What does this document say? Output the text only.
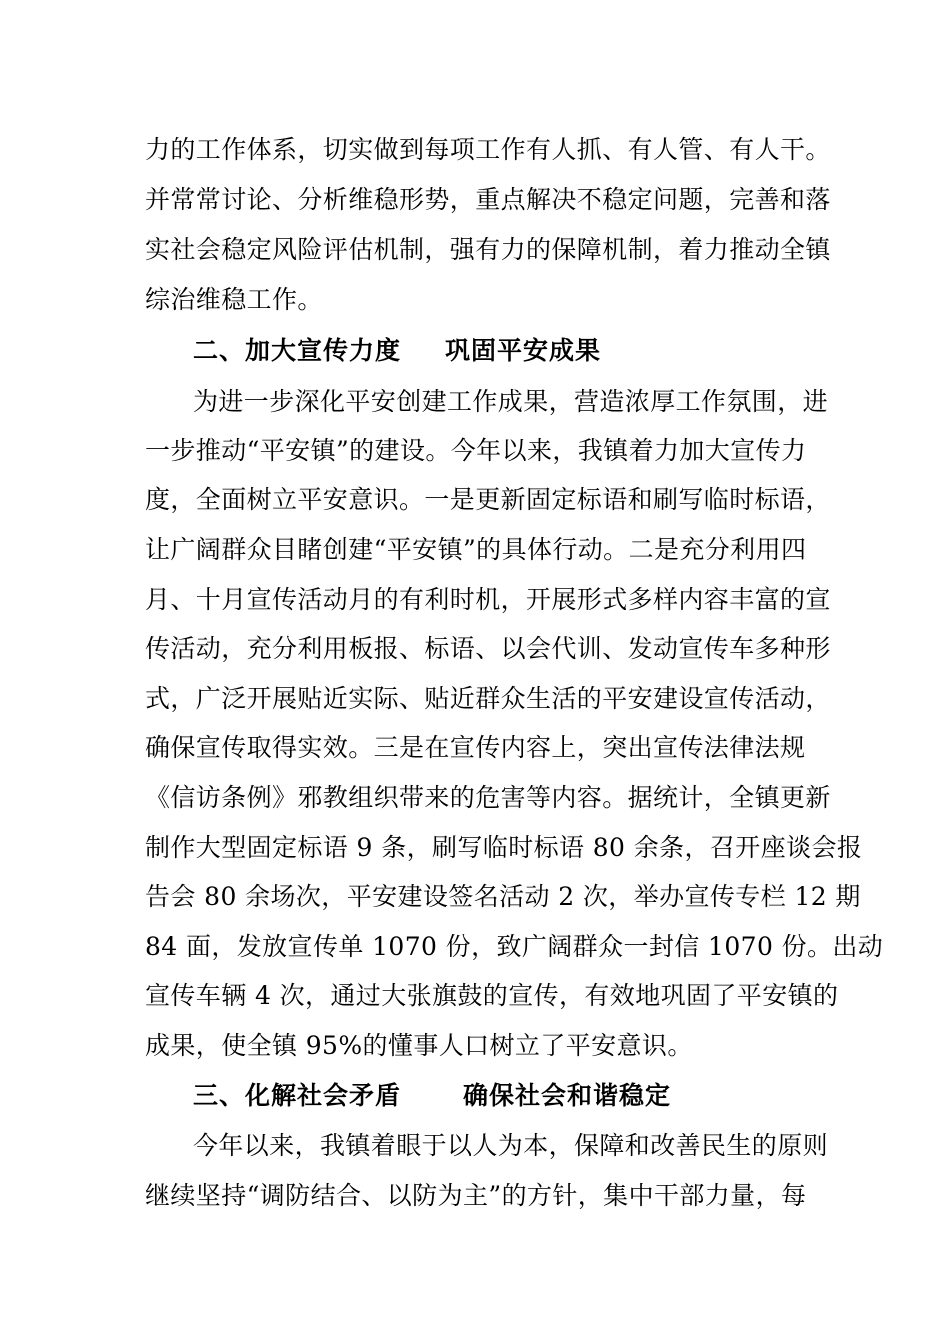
力的工作体系，切实做到每项工作有人抓、有人管、有人干。
并常常讨论、分析维稳形势，重点解决不稳定问题，完善和落
实社会稳定风险评估机制，强有力的保障机制，着力推动全镇
综治维稳工作。
二、加大宣传力度 巩固平安成果
为进一步深化平安创建工作成果，营造浓厚工作氛围，进
一步推动“平安镇”的建设。今年以来，我镇着力加大宣传力
度，全面树立平安意识。一是更新固定标语和刷写临时标语，
让广阔群众目睹创建“平安镇”的具体行动。二是充分利用四
月、十月宣传活动月的有利时机，开展形式多样内容丰富的宣
传活动，充分利用板报、标语、以会代训、发动宣传车多种形
式，广泛开展贴近实际、贴近群众生活的平安建设宣传活动，
确保宣传取得实效。三是在宣传内容上，突出宣传法律法规
《信访条例》邪教组织带来的危害等内容。据统计，全镇更新
制作大型固定标语 9 条，刷写临时标语 80 余条，召开座谈会报
告会 80 余场次，平安建设签名活动 2 次，举办宣传专栏 12 期
84 面，发放宣传单 1070 份，致广阔群众一封信 1070 份。出动
宣传车辆 4 次，通过大张旗鼓的宣传，有效地巩固了平安镇的
成果，使全镇 95%的懂事人口树立了平安意识。
三、化解社会矛盾 确保社会和谐稳定
今年以来，我镇着眼于以人为本，保障和改善民生的原则
继续坚持“调防结合、以防为主”的方针，集中干部力量，每
